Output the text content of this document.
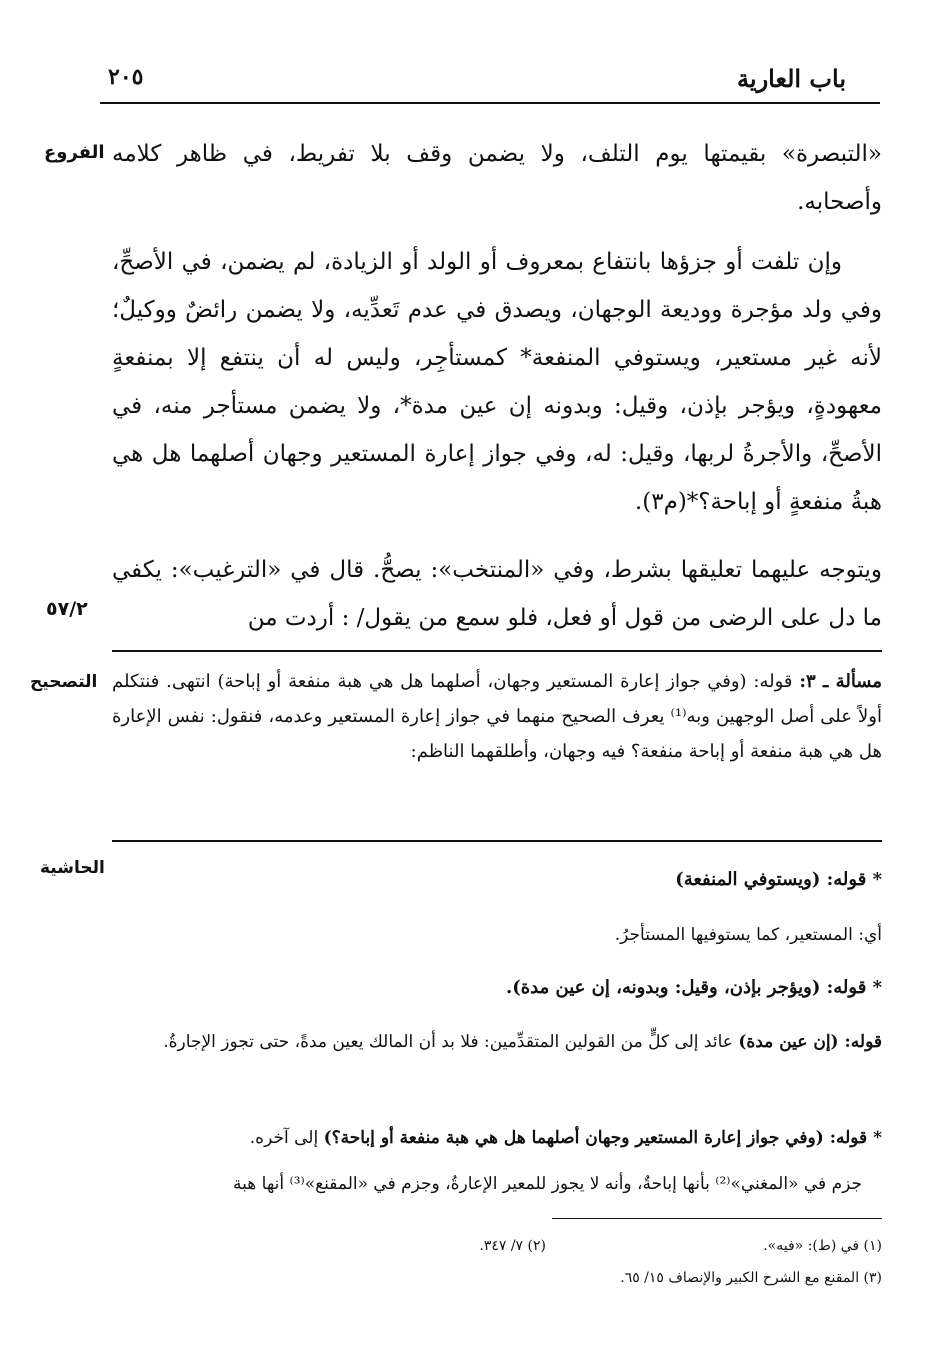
باب العارية
٢٠٥
الفروع
٥٧/٢
التصحيح
الحاشية
«التبصرة» بقيمتها يوم التلف، ولا يضمن وقف بلا تفريط، في ظاهر كلامه وأصحابه.
وإن تلفت أو جزؤها بانتفاع بمعروف أو الولد أو الزيادة، لم يضمن، في الأصحِّ، وفي ولد مؤجرة ووديعة الوجهان، ويصدق في عدم تَعدِّيه، ولا يضمن رائضٌ ووكيلٌ؛ لأنه غير مستعير، ويستوفي المنفعة* كمستأجِر، وليس له أن ينتفع إلا بمنفعةٍ معهودةٍ، ويؤجر بإذن، وقيل: وبدونه إن عين مدة*، ولا يضمن مستأجر منه، في الأصحِّ، والأجرةُ لربها، وقيل: له، وفي جواز إعارة المستعير وجهان أصلهما هل هي هبةُ منفعةٍ أو إباحة؟*(م٣).
ويتوجه عليهما تعليقها بشرط، وفي «المنتخب»: يصحُّ. قال في «الترغيب»: يكفي ما دل على الرضى من قول أو فعل، فلو سمع من يقول/ : أردت من
مسألة ـ ٣: قوله: (وفي جواز إعارة المستعير وجهان، أصلهما هل هي هبة منفعة أو إباحة) انتهى. فنتكلم أولاً على أصل الوجهين وبه⁽¹⁾ يعرف الصحيح منهما في جواز إعارة المستعير وعدمه، فنقول: نفس الإعارة هل هي هبة منفعة أو إباحة منفعة؟ فيه وجهان، وأطلقهما الناظم:
* قوله: (ويستوفي المنفعة)
أي: المستعير، كما يستوفيها المستأجرُ.
* قوله: (ويؤجر بإذن، وقيل: وبدونه، إن عين مدة).
قوله: (إن عين مدة) عائد إلى كلٍّ من القولين المتقدِّمين: فلا بد أن المالك يعين مدةً، حتى تجوز الإجارةُ.
* قوله: (وفي جواز إعارة المستعير وجهان أصلهما هل هي هبة منفعة أو إباحة؟) إلى آخره.
جزم في «المغني»⁽²⁾ بأنها إباحةٌ، وأنه لا يجوز للمعير الإعارةُ، وجزم في «المقنع»⁽³⁾ أنها هبة
(١) في (ط): «فيه».
(٢) ٧/ ٣٤٧.
(٣) المقنع مع الشرح الكبير والإنصاف ١٥/ ٦٥.
